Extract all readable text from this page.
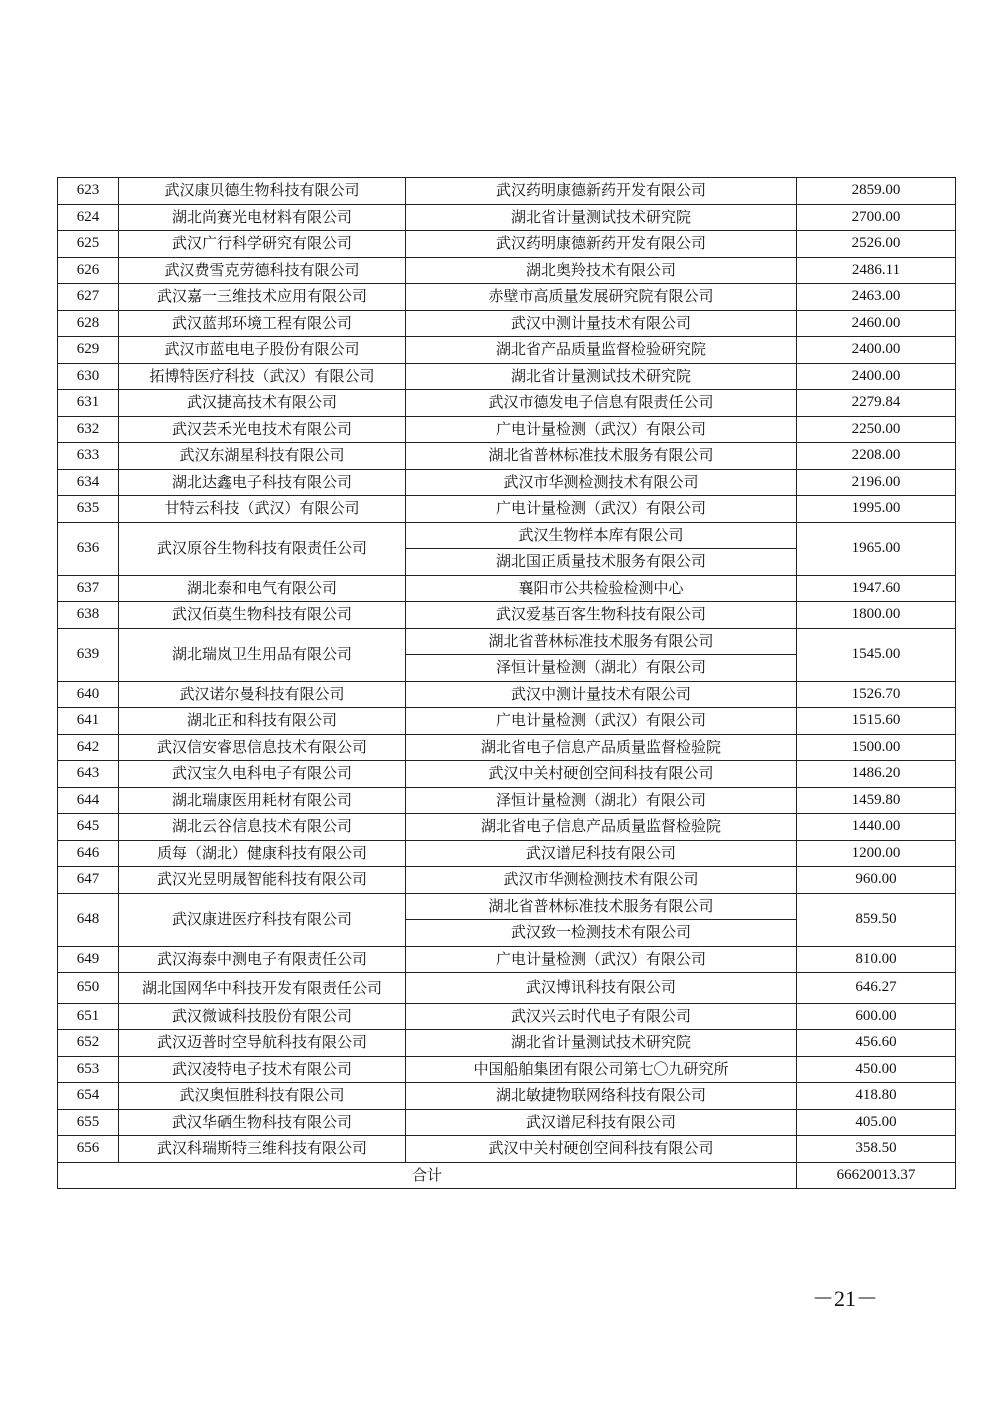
623	武汉康贝德生物科技有限公司	武汉药明康德新药开发有限公司	2859.00
624	湖北尚赛光电材料有限公司	湖北省计量测试技术研究院	2700.00
625	武汉广行科学研究有限公司	武汉药明康德新药开发有限公司	2526.00
626	武汉费雪克劳德科技有限公司	湖北奥羚技术有限公司	2486.11
627	武汉嘉一三维技术应用有限公司	赤壁市高质量发展研究院有限公司	2463.00
628	武汉蓝邦环境工程有限公司	武汉中测计量技术有限公司	2460.00
629	武汉市蓝电电子股份有限公司	湖北省产品质量监督检验研究院	2400.00
630	拓博特医疗科技（武汉）有限公司	湖北省计量测试技术研究院	2400.00
631	武汉捷高技术有限公司	武汉市德发电子信息有限责任公司	2279.84
632	武汉芸禾光电技术有限公司	广电计量检测（武汉）有限公司	2250.00
633	武汉东湖星科技有限公司	湖北省普林标准技术服务有限公司	2208.00
634	湖北达鑫电子科技有限公司	武汉市华测检测技术有限公司	2196.00
635	甘特云科技（武汉）有限公司	广电计量检测（武汉）有限公司	1995.00
636	武汉原谷生物科技有限责任公司	武汉生物样本库有限公司	1965.00
		湖北国正质量技术服务有限公司	
637	湖北泰和电气有限公司	襄阳市公共检验检测中心	1947.60
638	武汉佰莫生物科技有限公司	武汉爱基百客生物科技有限公司	1800.00
639	湖北瑞岚卫生用品有限公司	湖北省普林标准技术服务有限公司	1545.00
		泽恒计量检测（湖北）有限公司	
640	武汉诺尔曼科技有限公司	武汉中测计量技术有限公司	1526.70
641	湖北正和科技有限公司	广电计量检测（武汉）有限公司	1515.60
642	武汉信安睿思信息技术有限公司	湖北省电子信息产品质量监督检验院	1500.00
643	武汉宝久电科电子有限公司	武汉中关村硬创空间科技有限公司	1486.20
644	湖北瑞康医用耗材有限公司	泽恒计量检测（湖北）有限公司	1459.80
645	湖北云谷信息技术有限公司	湖北省电子信息产品质量监督检验院	1440.00
646	质每（湖北）健康科技有限公司	武汉谱尼科技有限公司	1200.00
647	武汉光昱明晟智能科技有限公司	武汉市华测检测技术有限公司	960.00
648	武汉康进医疗科技有限公司	湖北省普林标准技术服务有限公司	859.50
		武汉致一检测技术有限公司	
649	武汉海泰中测电子有限责任公司	广电计量检测（武汉）有限公司	810.00
650	湖北国网华中科技开发有限责任公司	武汉博讯科技有限公司	646.27
651	武汉微诚科技股份有限公司	武汉兴云时代电子有限公司	600.00
652	武汉迈普时空导航科技有限公司	湖北省计量测试技术研究院	456.60
653	武汉凌特电子技术有限公司	中国船舶集团有限公司第七〇九研究所	450.00
654	武汉奥恒胜科技有限公司	湖北敏捷物联网络科技有限公司	418.80
655	武汉华硒生物科技有限公司	武汉谱尼科技有限公司	405.00
656	武汉科瑞斯特三维科技有限公司	武汉中关村硬创空间科技有限公司	358.50
合计			66620013.37
－21－
